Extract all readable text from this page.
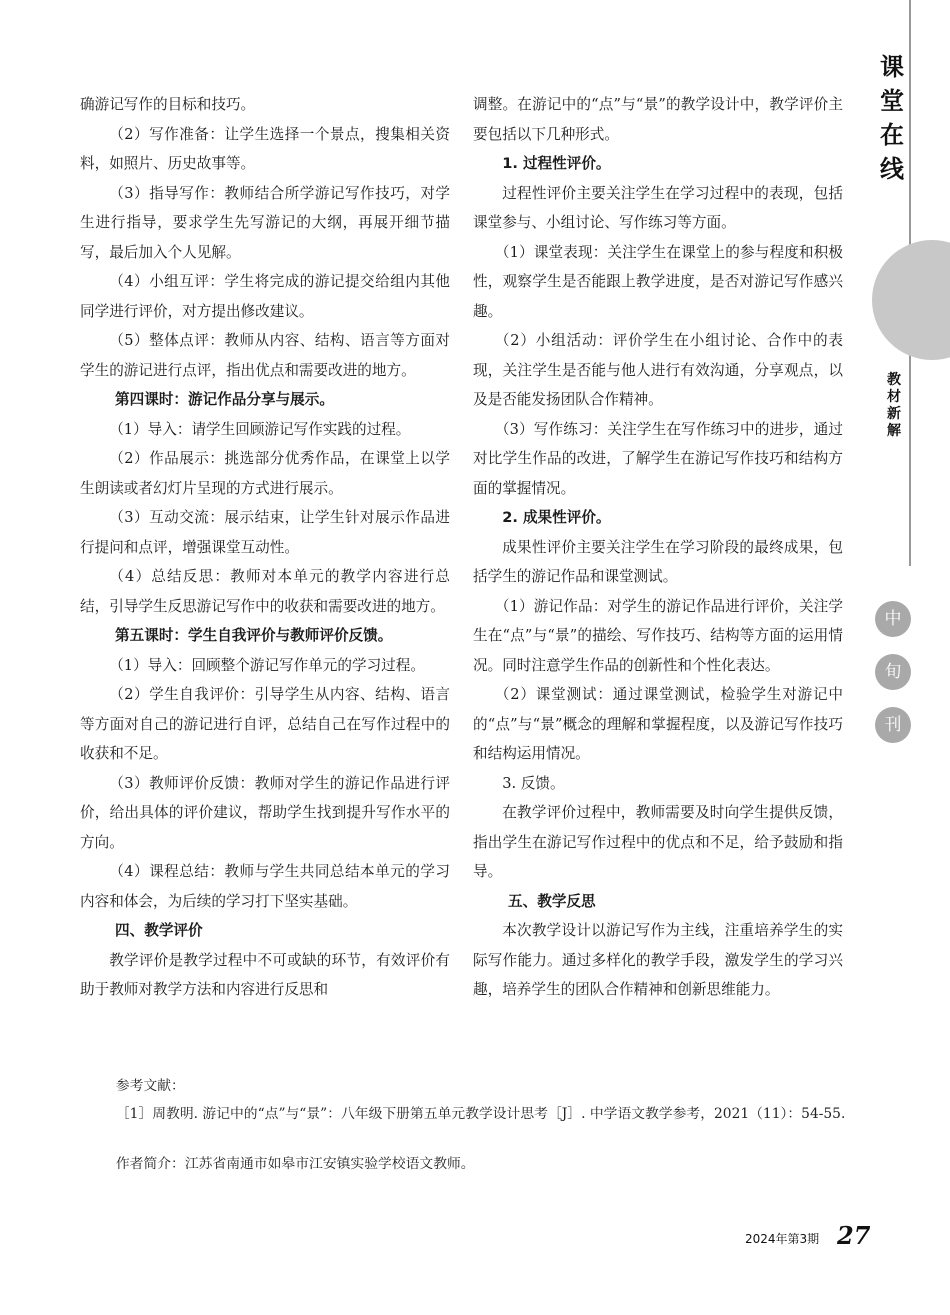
课
堂
在
线
教
材
新
解
中
旬
刊

确游记写作的目标和技巧。

（2）写作准备：让学生选择一个景点，搜集相关资料，如照片、历史故事等。

（3）指导写作：教师结合所学游记写作技巧，对学生进行指导，要求学生先写游记的大纲，再展开细节描写，最后加入个人见解。

（4）小组互评：学生将完成的游记提交给组内其他同学进行评价，对方提出修改建议。

（5）整体点评：教师从内容、结构、语言等方面对学生的游记进行点评，指出优点和需要改进的地方。

第四课时：游记作品分享与展示。

（1）导入：请学生回顾游记写作实践的过程。

（2）作品展示：挑选部分优秀作品，在课堂上以学生朗读或者幻灯片呈现的方式进行展示。

（3）互动交流：展示结束，让学生针对展示作品进行提问和点评，增强课堂互动性。

（4）总结反思：教师对本单元的教学内容进行总结，引导学生反思游记写作中的收获和需要改进的地方。

第五课时：学生自我评价与教师评价反馈。

（1）导入：回顾整个游记写作单元的学习过程。

（2）学生自我评价：引导学生从内容、结构、语言等方面对自己的游记进行自评，总结自己在写作过程中的收获和不足。

（3）教师评价反馈：教师对学生的游记作品进行评价，给出具体的评价建议，帮助学生找到提升写作水平的方向。

（4）课程总结：教师与学生共同总结本单元的学习内容和体会，为后续的学习打下坚实基础。

四、教学评价

教学评价是教学过程中不可或缺的环节，有效评价有助于教师对教学方法和内容进行反思和

调整。在游记中的“点”与“景”的教学设计中，教学评价主要包括以下几种形式。

1. 过程性评价。

过程性评价主要关注学生在学习过程中的表现，包括课堂参与、小组讨论、写作练习等方面。

（1）课堂表现：关注学生在课堂上的参与程度和积极性，观察学生是否能跟上教学进度，是否对游记写作感兴趣。

（2）小组活动：评价学生在小组讨论、合作中的表现，关注学生是否能与他人进行有效沟通，分享观点，以及是否能发扬团队合作精神。

（3）写作练习：关注学生在写作练习中的进步，通过对比学生作品的改进，了解学生在游记写作技巧和结构方面的掌握情况。

2. 成果性评价。

成果性评价主要关注学生在学习阶段的最终成果，包括学生的游记作品和课堂测试。

（1）游记作品：对学生的游记作品进行评价，关注学生在“点”与“景”的描绘、写作技巧、结构等方面的运用情况。同时注意学生作品的创新性和个性化表达。

（2）课堂测试：通过课堂测试，检验学生对游记中的“点”与“景”概念的理解和掌握程度，以及游记写作技巧和结构运用情况。

3. 反馈。

在教学评价过程中，教师需要及时向学生提供反馈，指出学生在游记写作过程中的优点和不足，给予鼓励和指导。

五、教学反思

本次教学设计以游记写作为主线，注重培养学生的实际写作能力。通过多样化的教学手段，激发学生的学习兴趣，培养学生的团队合作精神和创新思维能力。

参考文献：

［1］周教明. 游记中的“点”与“景”：八年级下册第五单元教学设计思考［J］. 中学语文教学参考，2021（11）：54-55.

作者简介：江苏省南通市如皋市江安镇实验学校语文教师。

2024年第3期 27
